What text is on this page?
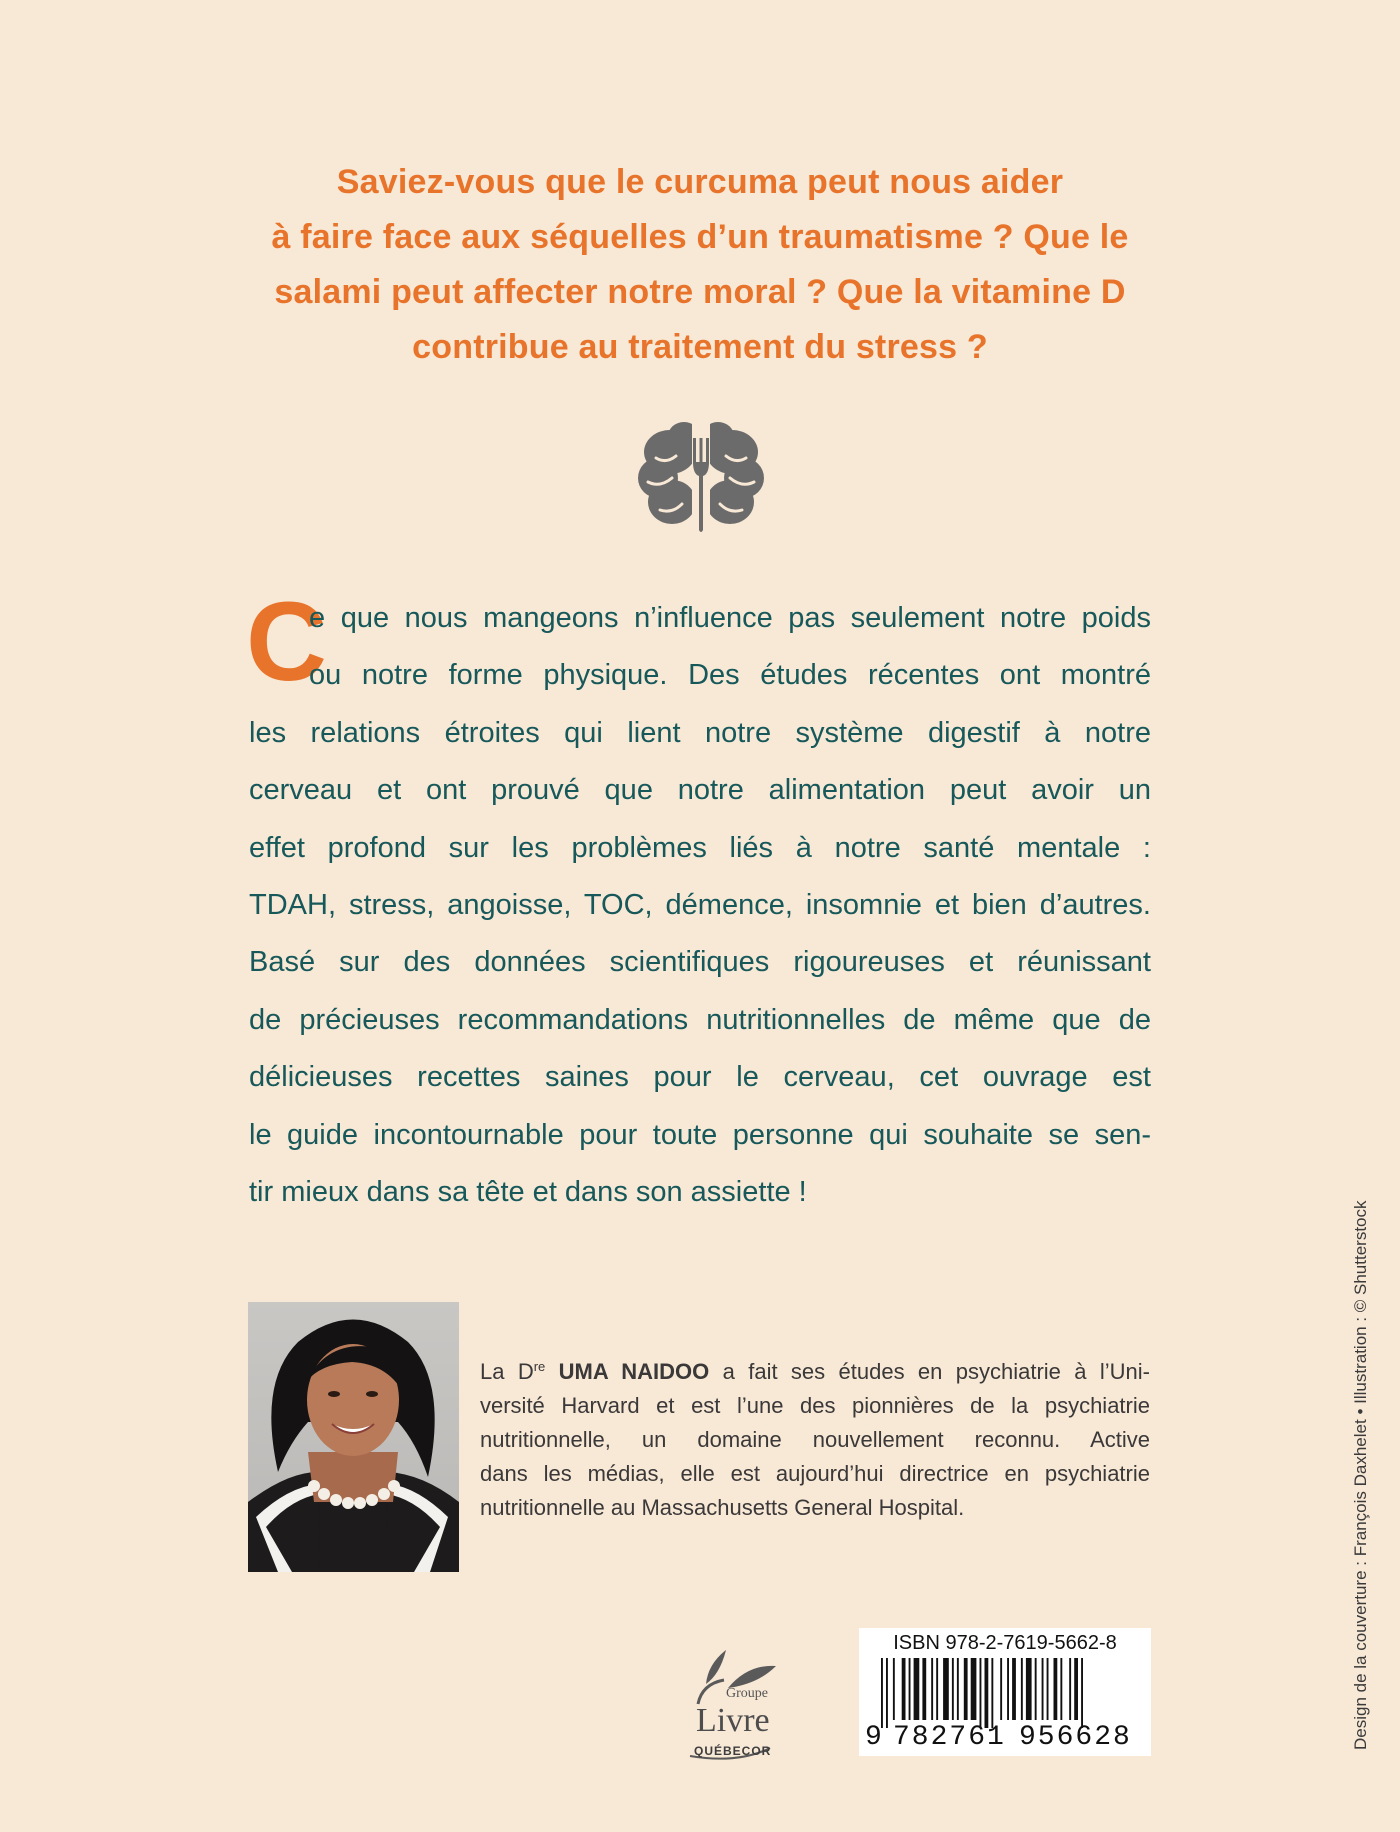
Saviez-vous que le curcuma peut nous aider
à faire face aux séquelles d’un traumatisme ? Que le
salami peut affecter notre moral ? Que la vitamine D
contribue au traitement du stress ?
C
e que nous mangeons n’influence pas seulement notre poids
ou notre forme physique. Des études récentes ont montré
les relations étroites qui lient notre système digestif à notre
cerveau et ont prouvé que notre alimentation peut avoir un
effet profond sur les problèmes liés à notre santé mentale :
TDAH, stress, angoisse, TOC, démence, insomnie et bien d’autres.
Basé sur des données scientifiques rigoureuses et réunissant
de précieuses recommandations nutritionnelles de même que de
délicieuses recettes saines pour le cerveau, cet ouvrage est
le guide incontournable pour toute personne qui souhaite se sen-
tir mieux dans sa tête et dans son assiette !
La Dre UMA NAIDOO a fait ses études en psychiatrie à l’Uni-
versité Harvard et est l’une des pionnières de la psychiatrie
nutritionnelle, un domaine nouvellement reconnu. Active
dans les médias, elle est aujourd’hui directrice en psychiatrie
nutritionnelle au Massachusetts General Hospital.
Groupe
Livre
QUÉBECOR
ISBN 978-2-7619-5662-8
9 782761 956628	Design de la couverture : François Daxhelet • Illustration : © Shutterstock
